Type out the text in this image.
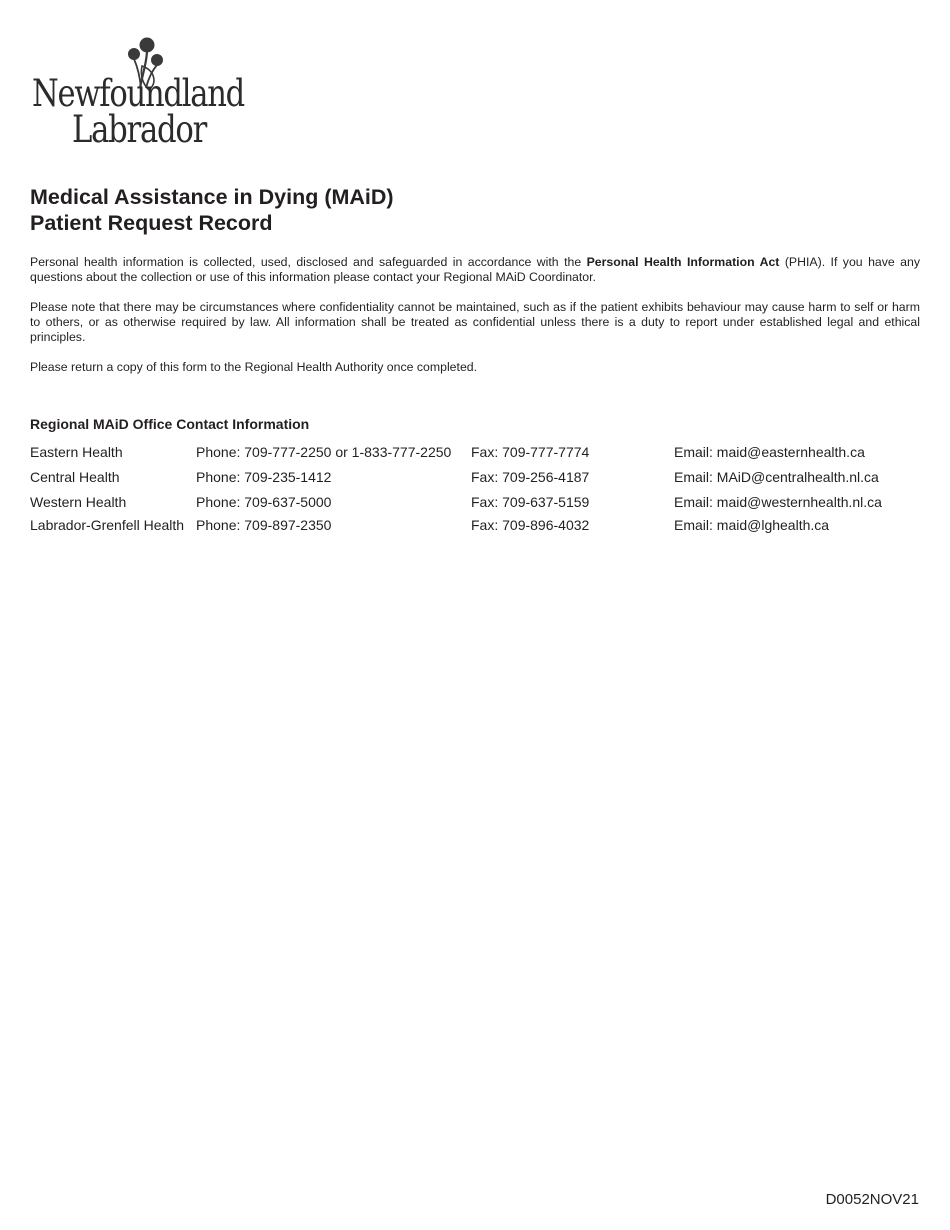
Newfoundland
Labrador
Medical Assistance in Dying (MAiD)
Patient Request Record

Personal health information is collected, used, disclosed and safeguarded in accordance with the Personal Health Information Act (PHIA). If you have any questions about the collection or use of this information please contact your Regional MAiD Coordinator.

Please note that there may be circumstances where confidentiality cannot be maintained, such as if the patient exhibits behaviour may cause harm to self or harm to others, or as otherwise required by law. All information shall be treated as confidential unless there is a duty to report under established legal and ethical principles.

Please return a copy of this form to the Regional Health Authority once completed.

Regional MAiD Office Contact Information
Eastern Health	Phone: 709-777-2250 or 1-833-777-2250 Fax: 709-777-7774	Email: maid@easternhealth.ca
Central Health	Phone: 709-235-1412	Fax: 709-256-4187	Email: MAiD@centralhealth.nl.ca
Western Health	Phone: 709-637-5000	Fax: 709-637-5159	Email: maid@westernhealth.nl.ca
Labrador-Grenfell Health Phone: 709-897-2350	Fax: 709-896-4032	Email: maid@lghealth.ca
D0052NOV21
